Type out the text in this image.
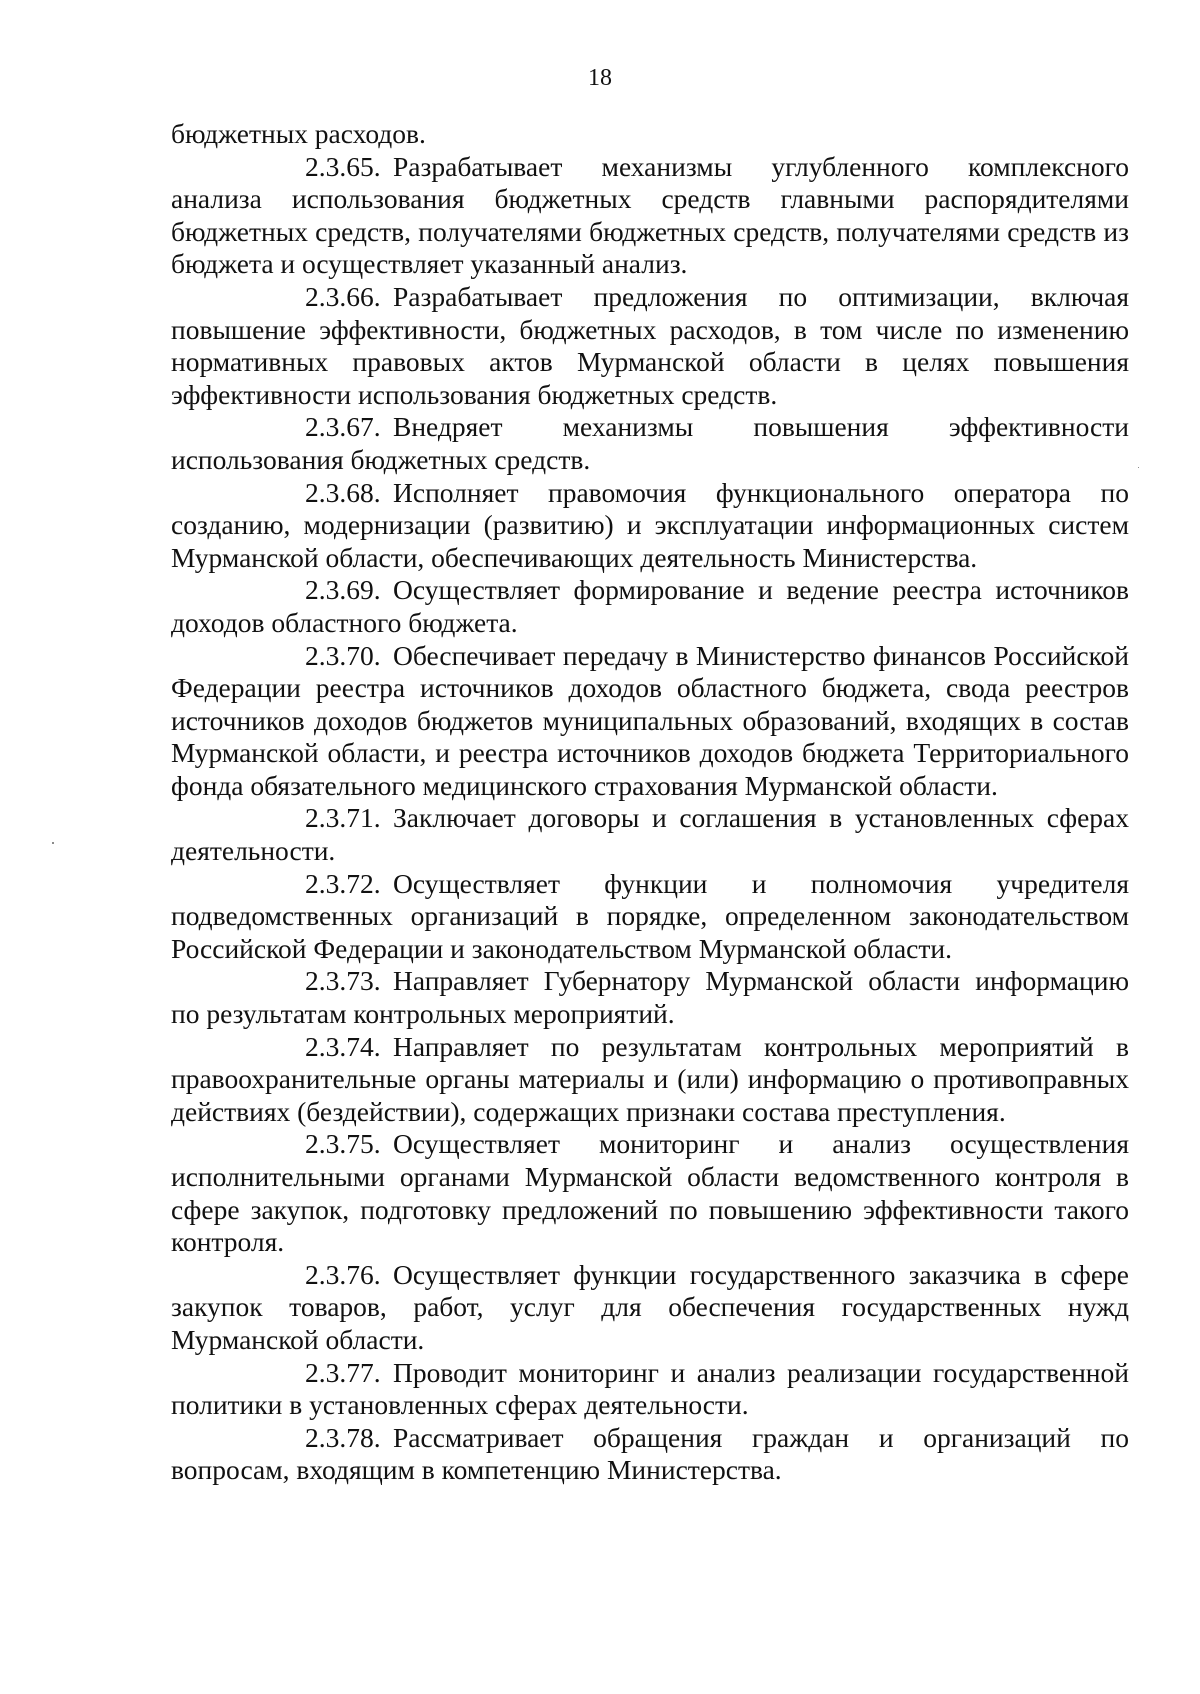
18

бюджетных расходов.

2.3.65. Разрабатывает механизмы углубленного комплексного анализа использования бюджетных средств главными распорядителями бюджетных средств, получателями бюджетных средств, получателями средств из бюджета и осуществляет указанный анализ.

2.3.66. Разрабатывает предложения по оптимизации, включая повышение эффективности, бюджетных расходов, в том числе по изменению нормативных правовых актов Мурманской области в целях повышения эффективности использования бюджетных средств.

2.3.67. Внедряет механизмы повышения эффективности использования бюджетных средств.

2.3.68. Исполняет правомочия функционального оператора по созданию, модернизации (развитию) и эксплуатации информационных систем Мурманской области, обеспечивающих деятельность Министерства.

2.3.69. Осуществляет формирование и ведение реестра источников доходов областного бюджета.

2.3.70. Обеспечивает передачу в Министерство финансов Российской Федерации реестра источников доходов областного бюджета, свода реестров источников доходов бюджетов муниципальных образований, входящих в состав Мурманской области, и реестра источников доходов бюджета Территориального фонда обязательного медицинского страхования Мурманской области.

2.3.71. Заключает договоры и соглашения в установленных сферах деятельности.

2.3.72. Осуществляет функции и полномочия учредителя подведомственных организаций в порядке, определенном законодательством Российской Федерации и законодательством Мурманской области.

2.3.73. Направляет Губернатору Мурманской области информацию по результатам контрольных мероприятий.

2.3.74. Направляет по результатам контрольных мероприятий в правоохранительные органы материалы и (или) информацию о противоправных действиях (бездействии), содержащих признаки состава преступления.

2.3.75. Осуществляет мониторинг и анализ осуществления исполнительными органами Мурманской области ведомственного контроля в сфере закупок, подготовку предложений по повышению эффективности такого контроля.

2.3.76. Осуществляет функции государственного заказчика в сфере закупок товаров, работ, услуг для обеспечения государственных нужд Мурманской области.

2.3.77. Проводит мониторинг и анализ реализации государственной политики в установленных сферах деятельности.

2.3.78. Рассматривает обращения граждан и организаций по вопросам, входящим в компетенцию Министерства.
